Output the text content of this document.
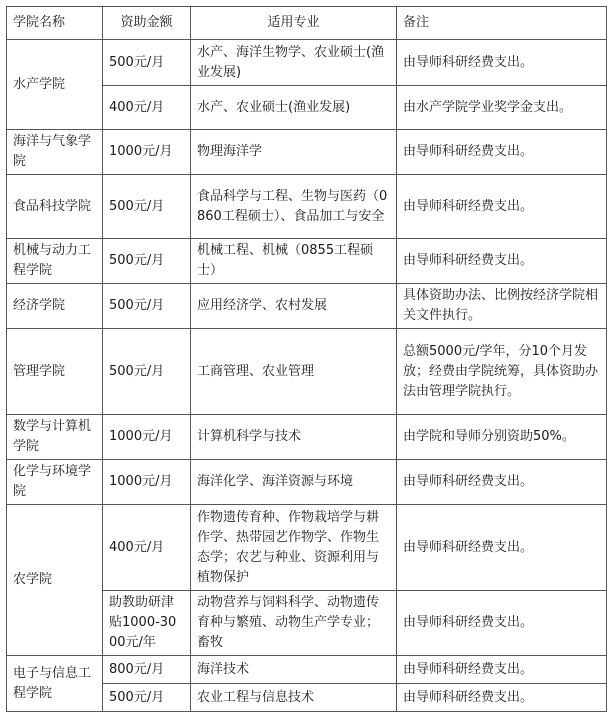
学院名称	资助金额	适用专业	备注
水产学院	500元/月	水产、海洋生物学、农业硕士(渔业发展)	由导师科研经费支出。
	400元/月	水产、农业硕士(渔业发展)	由水产学院学业奖学金支出。
海洋与气象学院	1000元/月	物理海洋学	由导师科研经费支出。
食品科技学院	500元/月	食品科学与工程、生物与医药（0860工程硕士）、食品加工与安全	由导师科研经费支出。
机械与动力工程学院	500元/月	机械工程、机械（0855工程硕士）	由导师科研经费支出。
经济学院	500元/月	应用经济学、农村发展	具体资助办法、比例按经济学院相关文件执行。
管理学院	500元/月	工商管理、农业管理	总额5000元/学年，分10个月发放；经费由学院统筹，具体资助办法由管理学院执行。
数学与计算机学院	1000元/月	计算机科学与技术	由学院和导师分别资助50%。
化学与环境学院	1000元/月	海洋化学、海洋资源与环境	由导师科研经费支出。
农学院	400元/月	作物遗传育种、作物栽培学与耕作学、热带园艺作物学、作物生态学；农艺与种业、资源利用与植物保护	由导师科研经费支出。
	助教助研津贴1000-3000元/年	动物营养与饲料科学、动物遗传育种与繁殖、动物生产学专业；畜牧	由导师科研经费支出。
电子与信息工程学院	800元/月	海洋技术	由导师科研经费支出。
	500元/月	农业工程与信息技术	由导师科研经费支出。
